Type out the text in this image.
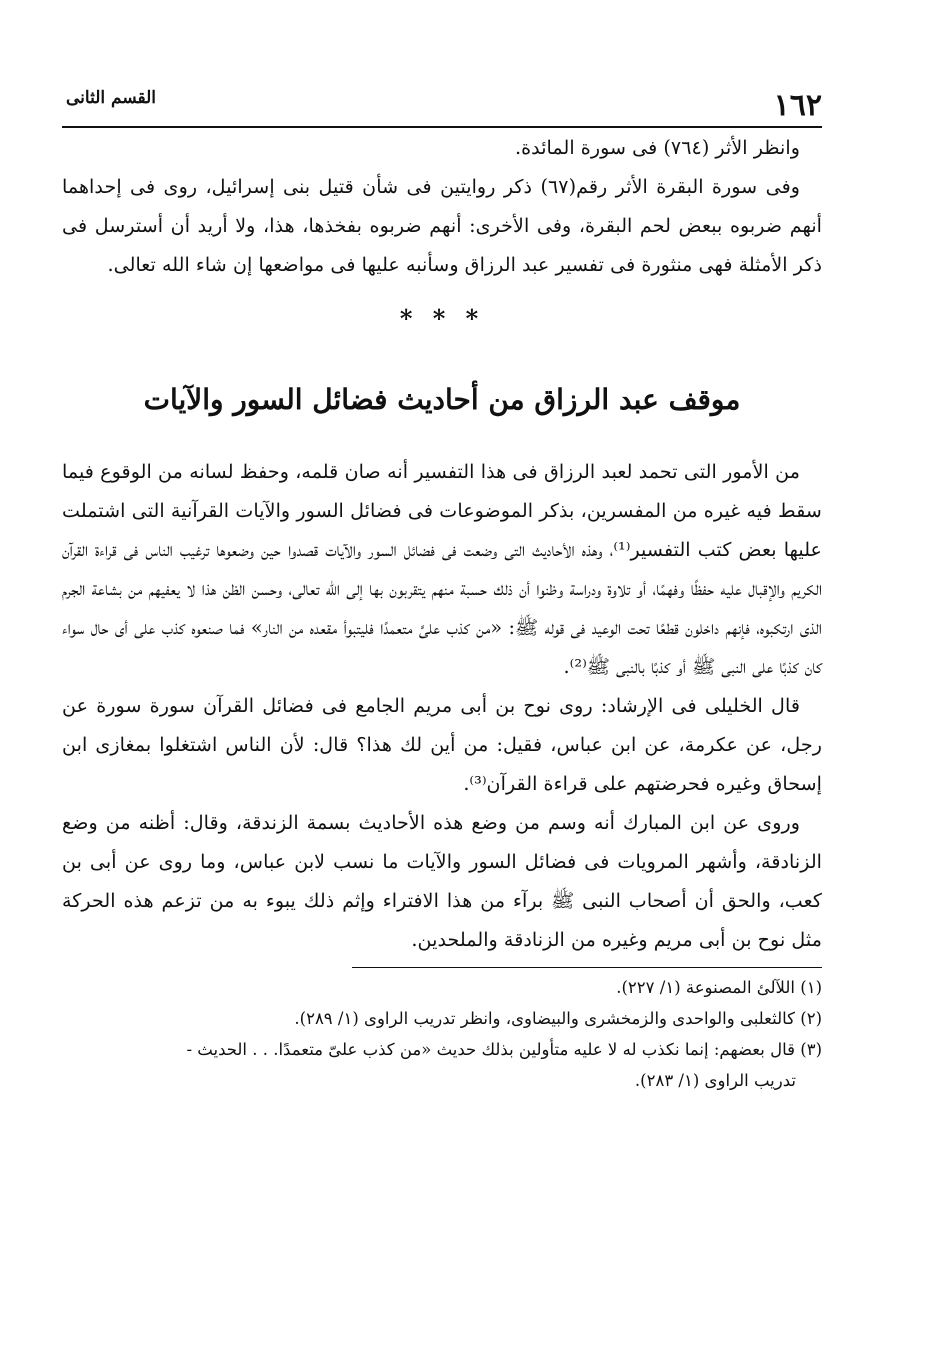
١٦٢
القسم الثانى

وانظر الأثر (٧٦٤) فى سورة المائدة.

وفى سورة البقرة الأثر رقم(٦٧) ذكر روايتين فى شأن قتيل بنى إسرائيل، روى فى إحداهما أنهم ضربوه ببعض لحم البقرة، وفى الأخرى: أنهم ضربوه بفخذها، هذا، ولا أريد أن أسترسل فى ذكر الأمثلة فهى منثورة فى تفسير عبد الرزاق وسأنبه عليها فى مواضعها إن شاء الله تعالى.

* * *
موقف عبد الرزاق من أحاديث فضائل السور والآيات

من الأمور التى تحمد لعبد الرزاق فى هذا التفسير أنه صان قلمه، وحفظ لسانه من الوقوع فيما سقط فيه غيره من المفسرين، بذكر الموضوعات فى فضائل السور والآيات القرآنية التى اشتملت عليها بعض كتب التفسير⁽¹⁾، وهذه الأحاديث التى وضعت فى فضائل السور والآيات قصدوا حين وضعوها ترغيب الناس فى قراءة القرآن الكريم والإقبال عليه حفظًا وفهمًا، أو تلاوة ودراسة وظنوا أن ذلك حسبة منهم يتقربون بها إلى الله تعالى، وحسن الظن هذا لا يعفيهم من بشاعة الجرم الذى ارتكبوه، فإنهم داخلون قطعًا تحت الوعيد فى قوله ﷺ: «من كذب علىَّ متعمدًا فليتبوأ مقعده من النار» فما صنعوه كذب على أى حال سواء كان كذبًا على النبى ﷺ أو كذبًا بالنبى ﷺ⁽²⁾.

قال الخليلى فى الإرشاد: روى نوح بن أبى مريم الجامع فى فضائل القرآن سورة سورة عن رجل، عن عكرمة، عن ابن عباس، فقيل: من أين لك هذا؟ قال: لأن الناس اشتغلوا بمغازى ابن إسحاق وغيره فحرضتهم على قراءة القرآن⁽³⁾.

وروى عن ابن المبارك أنه وسم من وضع هذه الأحاديث بسمة الزندقة، وقال: أظنه من وضع الزنادقة، وأشهر المرويات فى فضائل السور والآيات ما نسب لابن عباس، وما روى عن أبى بن كعب، والحق أن أصحاب النبى ﷺ برآء من هذا الافتراء وإثم ذلك يبوء به من تزعم هذه الحركة مثل نوح بن أبى مريم وغيره من الزنادقة والملحدين.

(١) اللآلئ المصنوعة (١/ ٢٢٧).

(٢) كالثعلبى والواحدى والزمخشرى والبيضاوى، وانظر تدريب الراوى (١/ ٢٨٩).

(٣) قال بعضهم: إنما نكذب له لا عليه متأولين بذلك حديث «من كذب علىّ متعمدًا. . . الحديث -

تدريب الراوى (١/ ٢٨٣).
